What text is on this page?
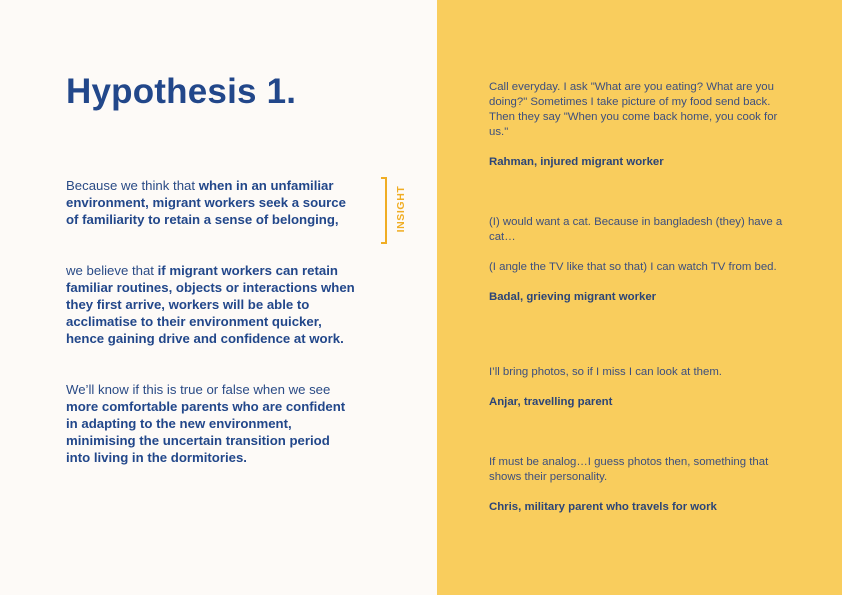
Hypothesis 1.

Because we think that when in an unfamiliar environment, migrant workers seek a source of familiarity to retain a sense of belonging,

we believe that if migrant workers can retain familiar routines, objects or interactions when they first arrive, workers will be able to acclimatise to their environment quicker, hence gaining drive and confidence at work.

We’ll know if this is true or false when we see more comfortable parents who are confident in adapting to the new environment, minimising the uncertain transition period into living in the dormitories.

INSIGHT

Call everyday. I ask "What are you eating? What are you doing?" Sometimes I take picture of my food send back. Then they say "When you come back home, you cook for us."

Rahman, injured migrant worker

(I) would want a cat. Because in bangladesh (they) have a cat…

(I angle the TV like that so that) I can watch TV from bed.

Badal, grieving migrant worker

I’ll bring photos, so if I miss I can look at them.

Anjar, travelling parent

If must be analog…I guess photos then, something that shows their personality.

Chris, military parent who travels for work
